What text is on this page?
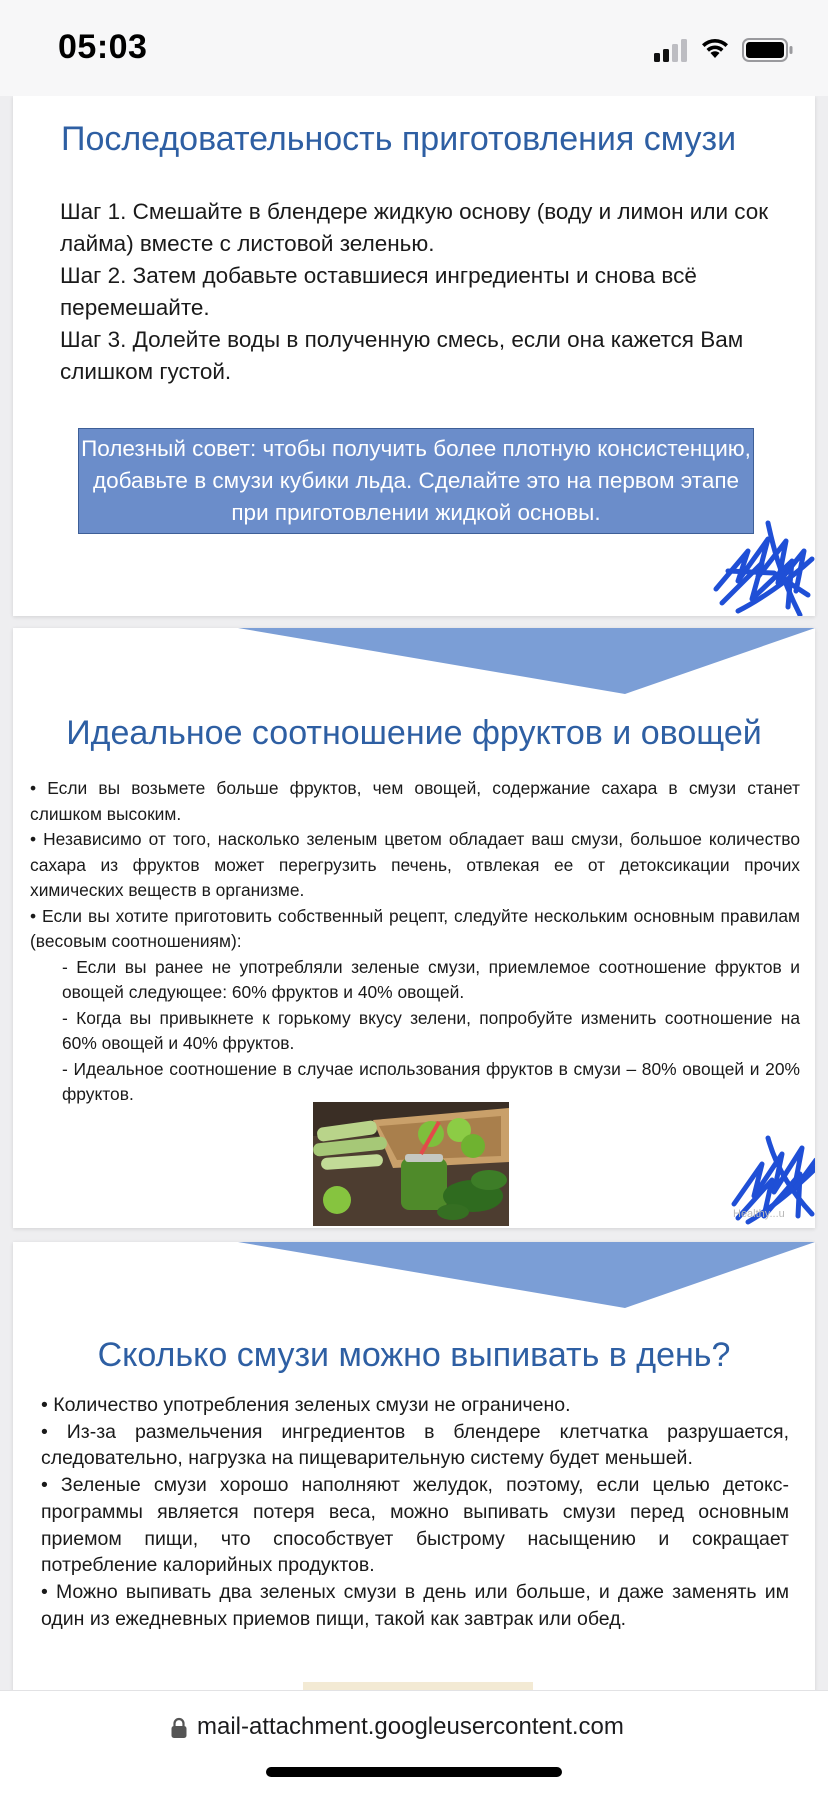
05:03
Последовательность приготовления смузи

Шаг 1. Смешайте в блендере жидкую основу (воду и лимон или сок лайма) вместе с листовой зеленью.

Шаг 2. Затем добавьте оставшиеся ингредиенты и снова всё перемешайте.

Шаг 3. Долейте воды в полученную смесь, если она кажется Вам слишком густой.

Полезный совет: чтобы получить более плотную консистенцию, добавьте в смузи кубики льда. Сделайте это на первом этапе при приготовлении жидкой основы.
Идеальное соотношение фруктов и овощей

• Если вы возьмете больше фруктов, чем овощей, содержание сахара в смузи станет слишком высоким.

• Независимо от того, насколько зеленым цветом обладает ваш смузи, большое количество сахара из фруктов может перегрузить печень, отвлекая ее от детоксикации прочих химических веществ в организме.

• Если вы хотите приготовить собственный рецепт, следуйте нескольким основным правилам (весовым соотношениям):

- Если вы ранее не употребляли зеленые смузи, приемлемое соотношение фруктов и овощей следующее: 60% фруктов и 40% овощей.

- Когда вы привыкнете к горькому вкусу зелени, попробуйте изменить соотношение на 60% овощей и 40% фруктов.

- Идеальное соотношение в случае использования фруктов в смузи – 80% овощей и 20% фруктов.

Healthy...u
Сколько смузи можно выпивать в день?

• Количество употребления зеленых смузи не ограничено.

• Из-за размельчения ингредиентов в блендере клетчатка разрушается, следовательно, нагрузка на пищеварительную систему будет меньшей.

• Зеленые смузи хорошо наполняют желудок, поэтому, если целью детокс-программы является потеря веса, можно выпивать смузи перед основным приемом пищи, что способствует быстрому насыщению и сокращает потребление калорийных продуктов.

• Можно выпивать два зеленых смузи в день или больше, и даже заменять им один из ежедневных приемов пищи, такой как завтрак или обед.

mail-attachment.googleusercontent.com
